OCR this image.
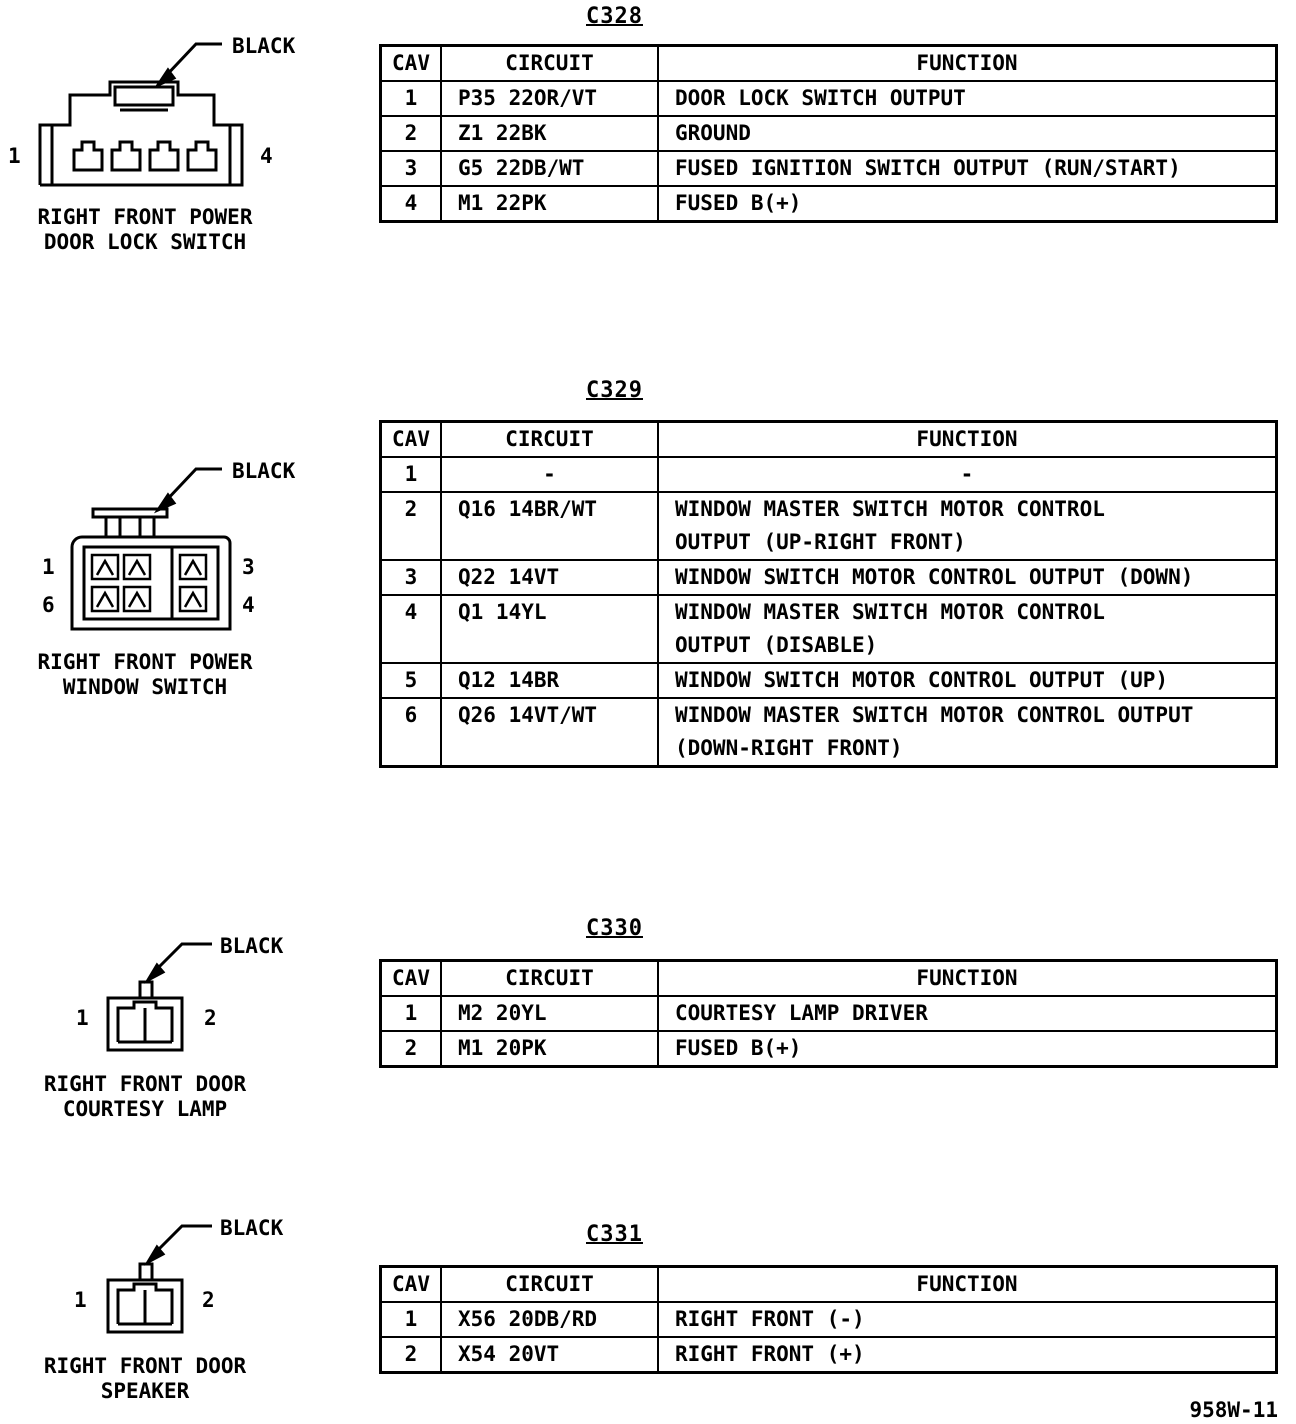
C328
CAV	CIRCUIT	FUNCTION
1	P35 22OR/VT	DOOR LOCK SWITCH OUTPUT
2	Z1 22BK	GROUND
3	G5 22DB/WT	FUSED IGNITION SWITCH OUTPUT (RUN/START)
4	M1 22PK	FUSED B(+)
BLACK
1	4
RIGHT FRONT POWER
DOOR LOCK SWITCH
C329
CAV	CIRCUIT	FUNCTION
1	-	-
2	Q16 14BR/WT	WINDOW MASTER SWITCH MOTOR CONTROL
OUTPUT (UP-RIGHT FRONT)
3	Q22 14VT	WINDOW SWITCH MOTOR CONTROL OUTPUT (DOWN)
4	Q1 14YL	WINDOW MASTER SWITCH MOTOR CONTROL
OUTPUT (DISABLE)
5	Q12 14BR	WINDOW SWITCH MOTOR CONTROL OUTPUT (UP)
6	Q26 14VT/WT	WINDOW MASTER SWITCH MOTOR CONTROL OUTPUT
(DOWN-RIGHT FRONT)
BLACK
1	3
6	4
RIGHT FRONT POWER
WINDOW SWITCH
C330
CAV	CIRCUIT	FUNCTION
1	M2 20YL	COURTESY LAMP DRIVER
2	M1 20PK	FUSED B(+)
BLACK
1	2
RIGHT FRONT DOOR
COURTESY LAMP
C331
CAV	CIRCUIT	FUNCTION
1	X56 20DB/RD	RIGHT FRONT (-)
2	X54 20VT	RIGHT FRONT (+)
BLACK
1	2
RIGHT FRONT DOOR
SPEAKER
958W-11
